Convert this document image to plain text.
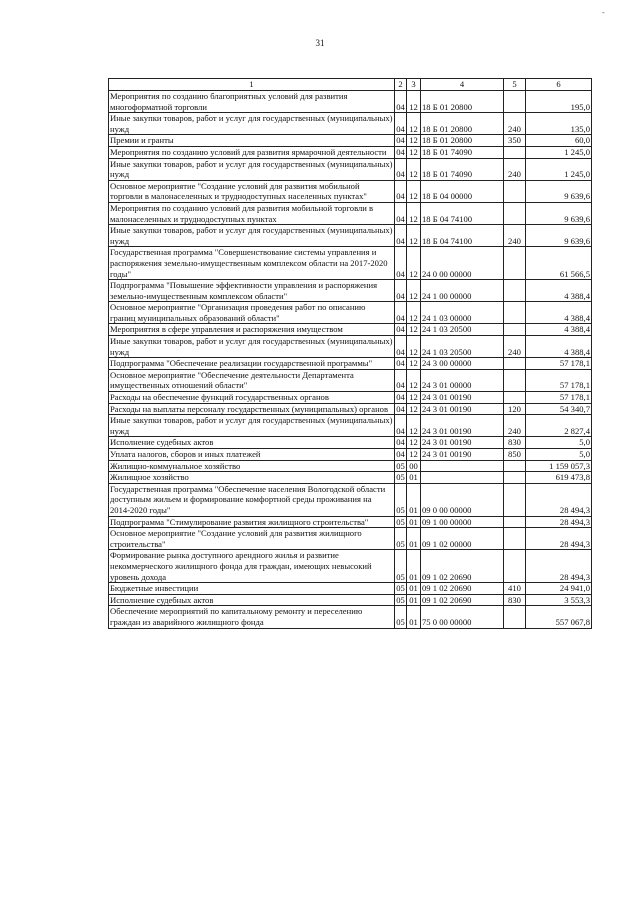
31
-
1	2	3	4	5	6
Мероприятия по созданию благоприятных условий для развития многоформатной торговли	04	12	18 Б 01 20800		195,0
Иные закупки товаров, работ и услуг для государственных (муниципальных) нужд	04	12	18 Б 01 20800	240	135,0
Премии и гранты	04	12	18 Б 01 20800	350	60,0
Мероприятия по созданию условий для развития ярмарочной деятельности	04	12	18 Б 01 74090		1 245,0
Иные закупки товаров, работ и услуг для государственных (муниципальных) нужд	04	12	18 Б 01 74090	240	1 245,0
Основное мероприятие "Создание условий для развития мобильной торговли в малонаселенных и труднодоступных населенных пунктах"	04	12	18 Б 04 00000		9 639,6
Мероприятия по созданию условий для развития мобильной торговли в малонаселенных и труднодоступных пунктах	04	12	18 Б 04 74100		9 639,6
Иные закупки товаров, работ и услуг для государственных (муниципальных) нужд	04	12	18 Б 04 74100	240	9 639,6
Государственная программа "Совершенствование системы управления и распоряжения земельно-имущественным комплексом области на 2017-2020 годы"	04	12	24 0 00 00000		61 566,5
Подпрограмма "Повышение эффективности управления и распоряжения земельно-имущественным комплексом области"	04	12	24 1 00 00000		4 388,4
Основное мероприятие "Организация проведения работ по описанию границ муниципальных образований области"	04	12	24 1 03 00000		4 388,4
Мероприятия в сфере управления и распоряжения имуществом	04	12	24 1 03 20500		4 388,4
Иные закупки товаров, работ и услуг для государственных (муниципальных) нужд	04	12	24 1 03 20500	240	4 388,4
Подпрограмма "Обеспечение реализации государственной программы"	04	12	24 3 00 00000		57 178,1
Основное мероприятие "Обеспечение деятельности Департамента имущественных отношений области"	04	12	24 3 01 00000		57 178,1
Расходы на обеспечение функций государственных органов	04	12	24 3 01 00190		57 178,1
Расходы на выплаты персоналу государственных (муниципальных) органов	04	12	24 3 01 00190	120	54 340,7
Иные закупки товаров, работ и услуг для государственных (муниципальных) нужд	04	12	24 3 01 00190	240	2 827,4
Исполнение судебных актов	04	12	24 3 01 00190	830	5,0
Уплата налогов, сборов и иных платежей	04	12	24 3 01 00190	850	5,0
Жилищно-коммунальное хозяйство	05	00			1 159 057,3
Жилищное хозяйство	05	01			619 473,8
Государственная программа "Обеспечение населения Вологодской области доступным жильем и формирование комфортной среды проживания на 2014-2020 годы"	05	01	09 0 00 00000		28 494,3
Подпрограмма "Стимулирование развития жилищного строительства"	05	01	09 1 00 00000		28 494,3
Основное мероприятие "Создание условий для развития жилищного строительства"	05	01	09 1 02 00000		28 494,3
Формирование рынка доступного арендного жилья и развитие некоммерческого жилищного фонда для граждан, имеющих невысокий уровень дохода	05	01	09 1 02 20690		28 494,3
Бюджетные инвестиции	05	01	09 1 02 20690	410	24 941,0
Исполнение судебных актов	05	01	09 1 02 20690	830	3 553,3
Обеспечение мероприятий по капитальному ремонту и переселению граждан из аварийного жилищного фонда	05	01	75 0 00 00000		557 067,8
